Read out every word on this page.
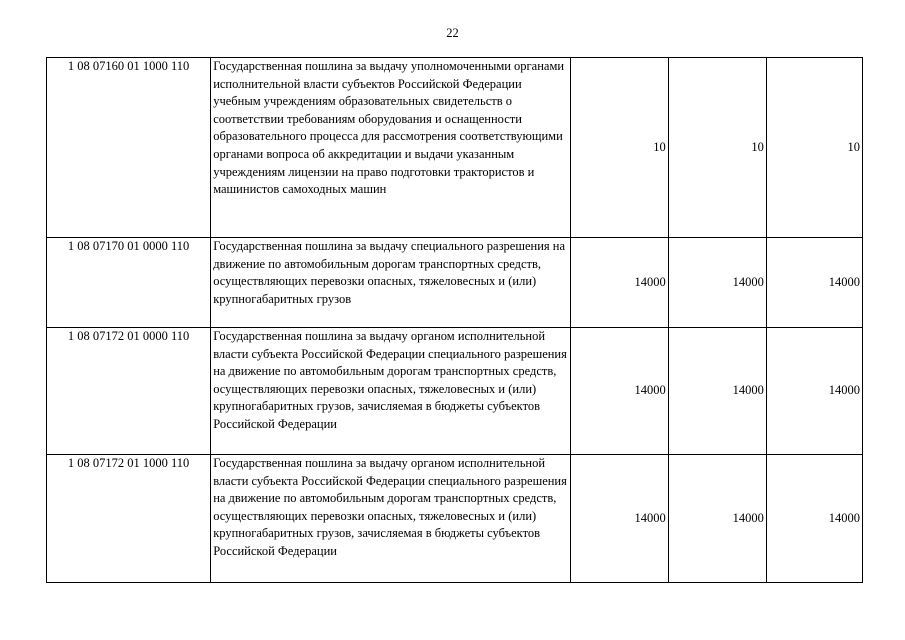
22
1 08 07160 01 1000 110	Государственная пошлина за выдачу уполномоченными органами исполнительной власти субъектов Российской Федерации учебным учреждениям образовательных свидетельств о соответствии требованиям оборудования и оснащенности образовательного процесса для рассмотрения соответствующими органами вопроса об аккредитации и выдачи указанным учреждениям лицензии на право подготовки трактористов и машинистов самоходных машин	10	10	10
1 08 07170 01 0000 110	Государственная пошлина за выдачу специального разрешения на движение по автомобильным дорогам транспортных средств, осуществляющих перевозки опасных, тяжеловесных и (или) крупногабаритных грузов	14000	14000	14000
1 08 07172 01 0000 110	Государственная пошлина за выдачу органом исполнительной власти субъекта Российской Федерации специального разрешения на движение по автомобильным дорогам транспортных средств, осуществляющих перевозки опасных, тяжеловесных и (или) крупногабаритных грузов, зачисляемая в бюджеты субъектов Российской Федерации	14000	14000	14000
1 08 07172 01 1000 110	Государственная пошлина за выдачу органом исполнительной власти субъекта Российской Федерации специального разрешения на движение по автомобильным дорогам транспортных средств, осуществляющих перевозки опасных, тяжеловесных и (или) крупногабаритных грузов, зачисляемая в бюджеты субъектов Российской Федерации	14000	14000	14000
